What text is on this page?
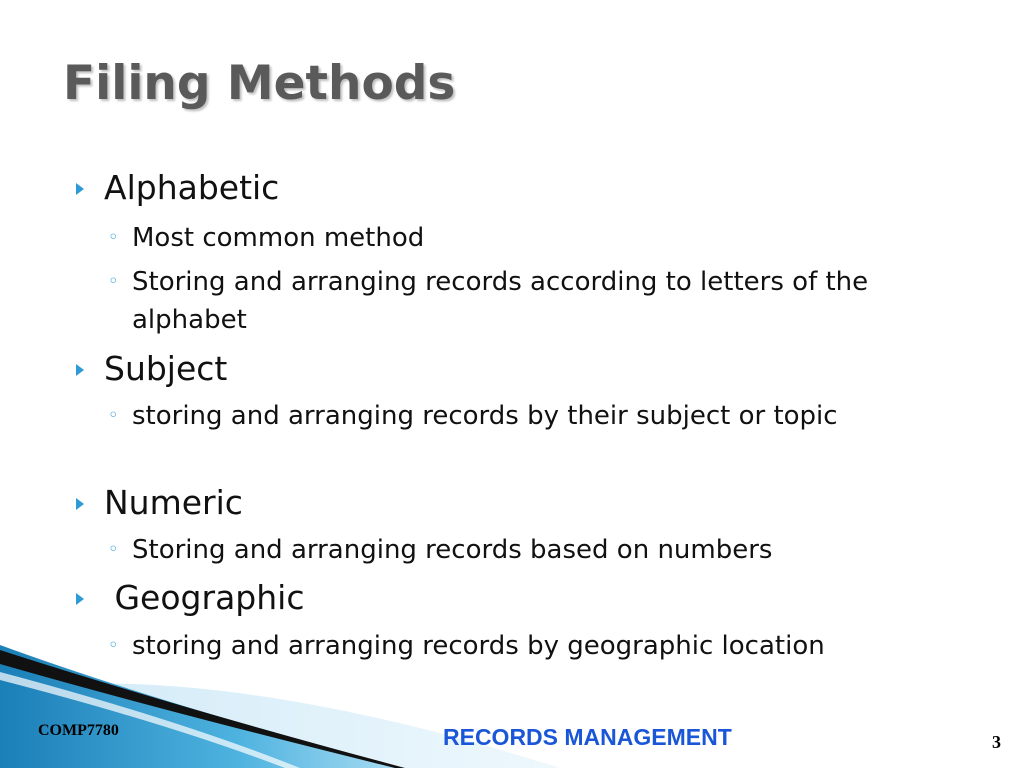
Filing Methods
Alphabetic
◦ Most common method
◦ Storing and arranging records according to letters of the alphabet
Subject
◦ storing and arranging records by their subject or topic
Numeric
◦ Storing and arranging records based on numbers
Geographic
◦ storing and arranging records by geographic location
COMP7780	RECORDS MANAGEMENT	3
